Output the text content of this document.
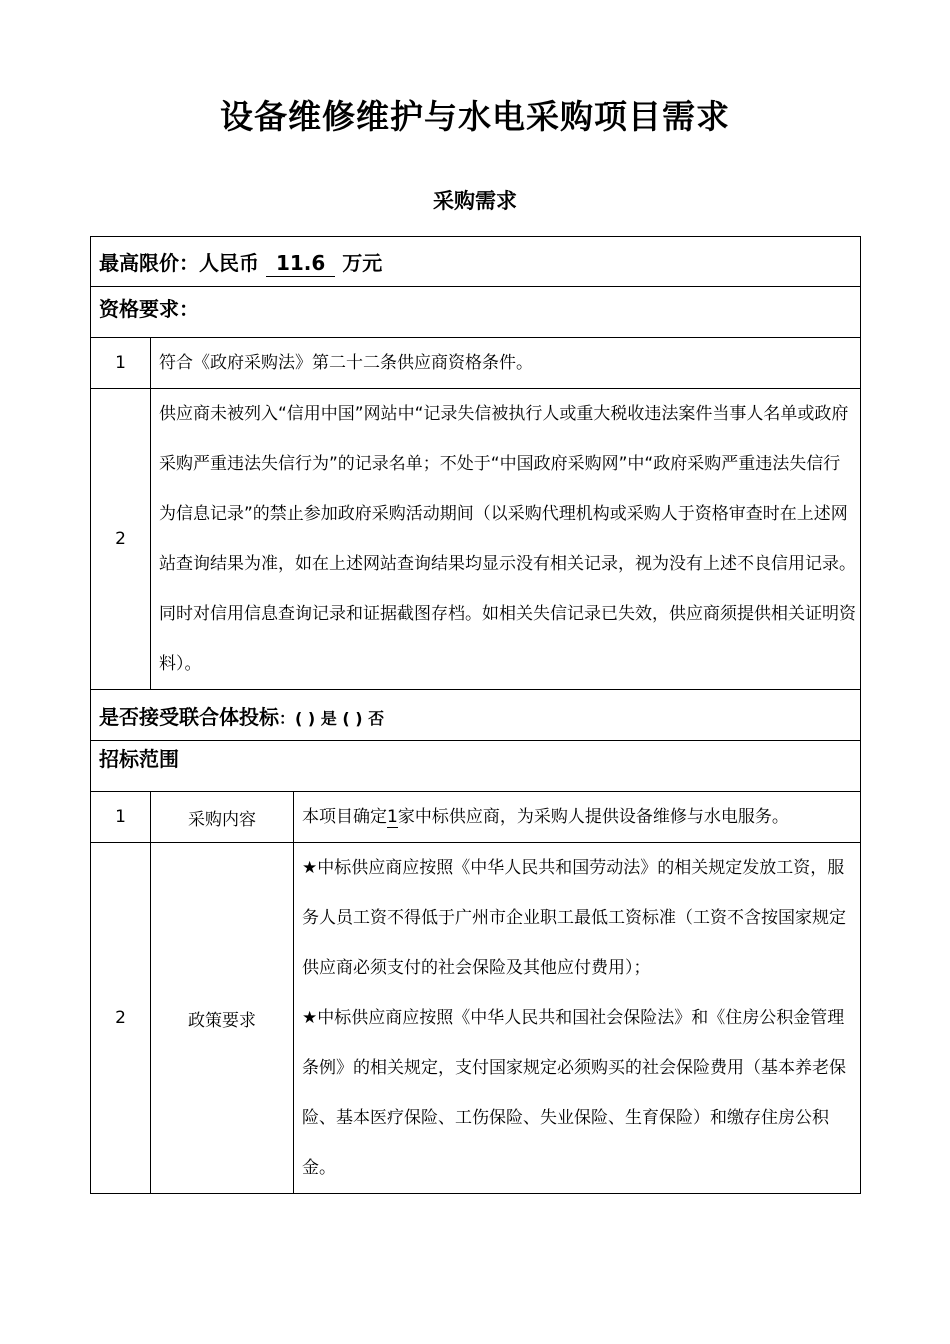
设备维修维护与水电采购项目需求
采购需求
最高限价：人民币 11.6 万元		
资格要求：		
1	符合《政府采购法》第二十二条供应商资格条件。	
2	供应商未被列入“信用中国”网站中“记录失信被执行人或重大税收违法案件当事人名单或政府采购严重违法失信行为”的记录名单；不处于“中国政府采购网”中“政府采购严重违法失信行为信息记录”的禁止参加政府采购活动期间（以采购代理机构或采购人于资格审查时在上述网站查询结果为准，如在上述网站查询结果均显示没有相关记录，视为没有上述不良信用记录。同时对信用信息查询记录和证据截图存档。如相关失信记录已失效，供应商须提供相关证明资料）。	
是否接受联合体投标：( ) 是 ( ) 否		
招标范围		
1	采购内容	本项目确定1家中标供应商，为采购人提供设备维修与水电服务。
2	政策要求	★中标供应商应按照《中华人民共和国劳动法》的相关规定发放工资，服务人员工资不得低于广州市企业职工最低工资标准（工资不含按国家规定供应商必须支付的社会保险及其他应付费用）；
★中标供应商应按照《中华人民共和国社会保险法》和《住房公积金管理条例》的相关规定，支付国家规定必须购买的社会保险费用（基本养老保险、基本医疗保险、工伤保险、失业保险、生育保险）和缴存住房公积金。
